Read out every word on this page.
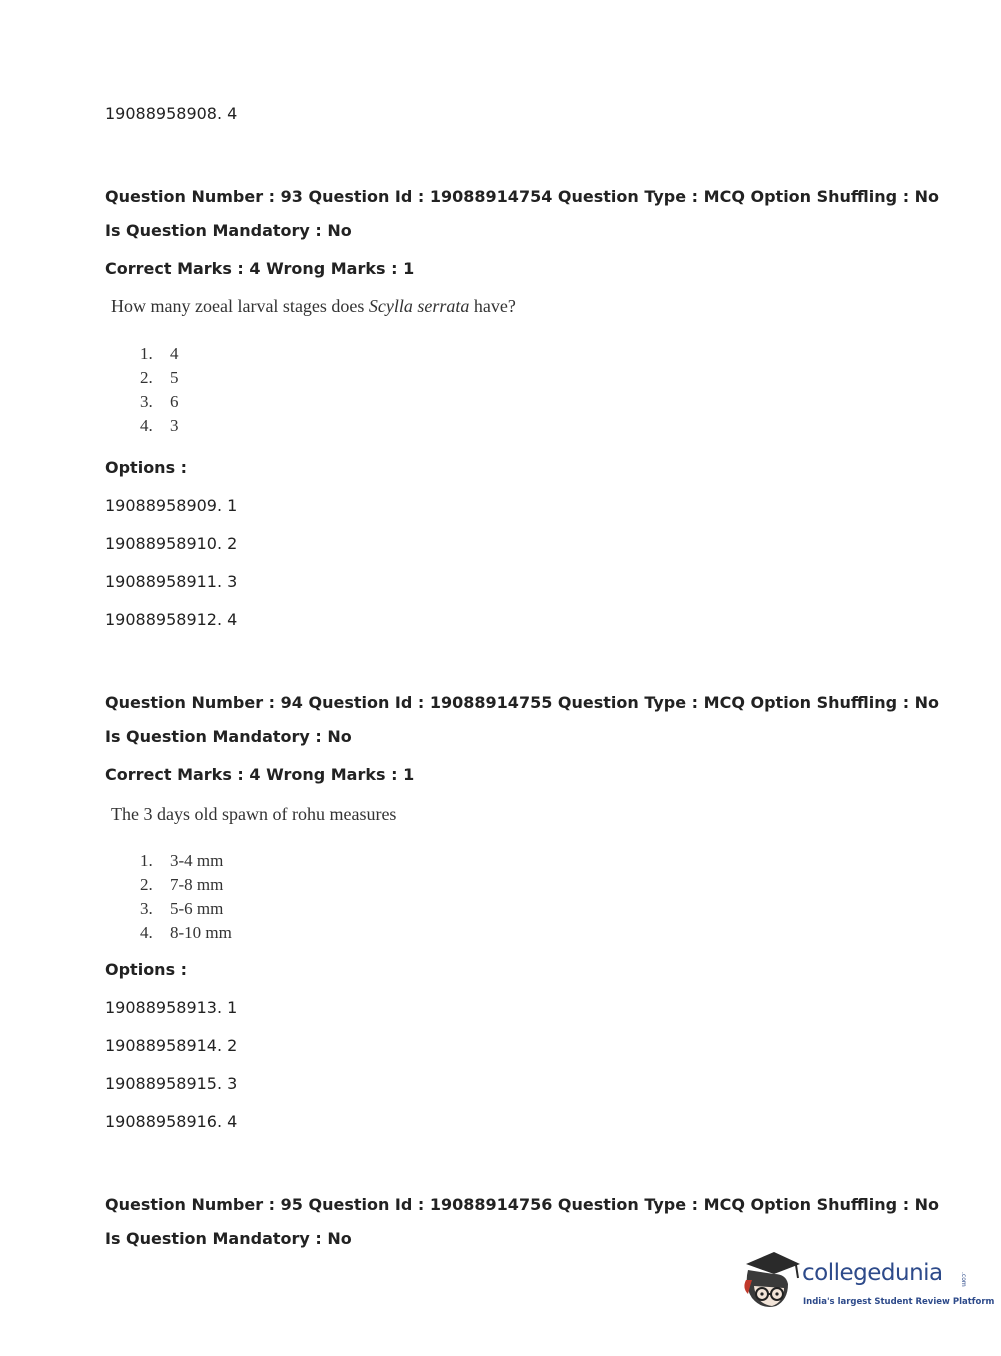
19088958908. 4
Question Number : 93 Question Id : 19088914754 Question Type : MCQ Option Shuffling : No
Is Question Mandatory : No
Correct Marks : 4 Wrong Marks : 1
How many zoeal larval stages does Scylla serrata have?
1. 4
2. 5
3. 6
4. 3
Options :
19088958909. 1
19088958910. 2
19088958911. 3
19088958912. 4
Question Number : 94 Question Id : 19088914755 Question Type : MCQ Option Shuffling : No
Is Question Mandatory : No
Correct Marks : 4 Wrong Marks : 1
The 3 days old spawn of rohu measures
1. 3-4 mm
2. 7-8 mm
3. 5-6 mm
4. 8-10 mm
Options :
19088958913. 1
19088958914. 2
19088958915. 3
19088958916. 4
Question Number : 95 Question Id : 19088914756 Question Type : MCQ Option Shuffling : No
Is Question Mandatory : No
collegedunia	.com
India's largest Student Review Platform
